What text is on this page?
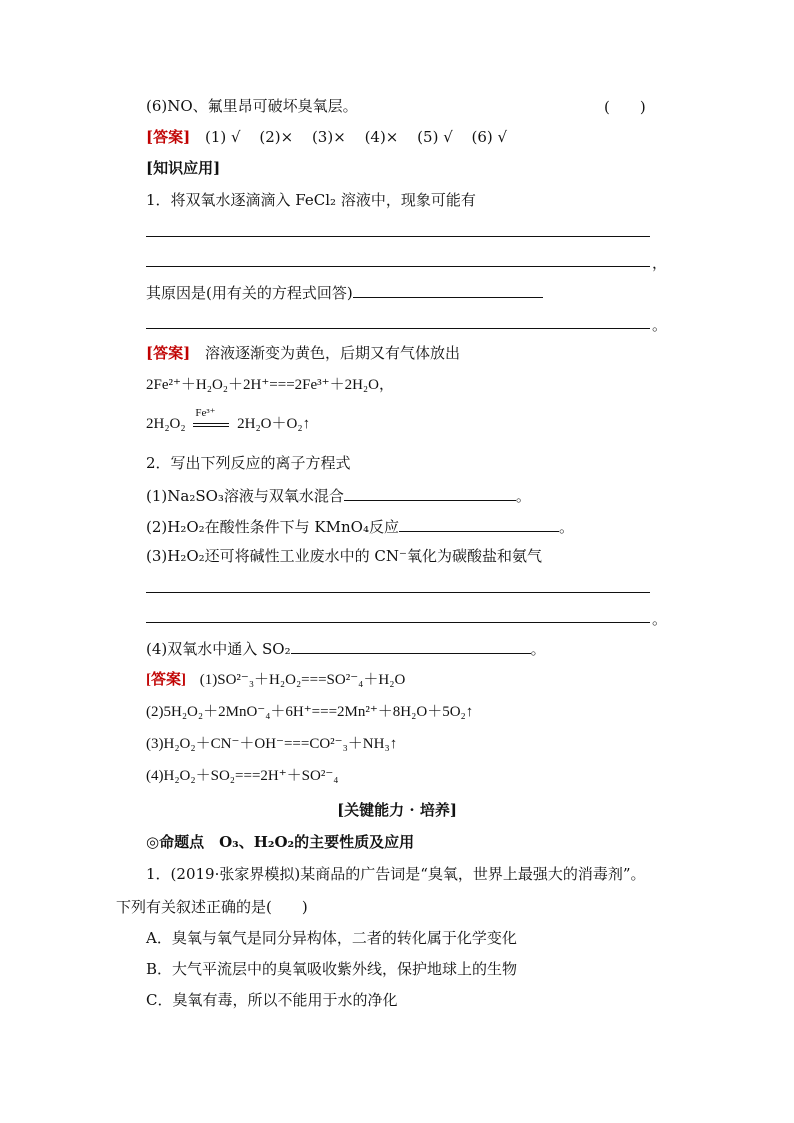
(6)NO、氟里昂可破坏臭氧层。	(　　)
[答案] (1) √ (2)× (3)× (4)× (5) √ (6) √
[知识应用]
1．将双氧水逐滴滴入 FeCl₂ 溶液中，现象可能有
，
其原因是(用有关的方程式回答)
。
[答案] 溶液逐渐变为黄色，后期又有气体放出
2Fe²⁺＋H₂O₂＋2H⁺===2Fe³⁺＋2H₂O，
2H₂O₂
Fe³⁺
2H₂O＋O₂↑
2．写出下列反应的离子方程式
(1)Na₂SO₃溶液与双氧水混合	。
(2)H₂O₂在酸性条件下与 KMnO₄反应	。
(3)H₂O₂还可将碱性工业废水中的 CN⁻氧化为碳酸盐和氨气
。
(4)双氧水中通入 SO₂	。
[答案] (1)SO²⁻₃＋H₂O₂===SO²⁻₄＋H₂O
(2)5H₂O₂＋2MnO⁻₄＋6H⁺===2Mn²⁺＋8H₂O＋5O₂↑
(3)H₂O₂＋CN⁻＋OH⁻===CO²⁻₃＋NH₃↑
(4)H₂O₂＋SO₂===2H⁺＋SO²⁻₄
[关键能力 · 培养]
◎命题点　O₃、H₂O₂的主要性质及应用
1．(2019·张家界模拟)某商品的广告词是“臭氧，世界上最强大的消毒剂”。
下列有关叙述正确的是(　　)
A．臭氧与氧气是同分异构体，二者的转化属于化学变化
B．大气平流层中的臭氧吸收紫外线，保护地球上的生物
C．臭氧有毒，所以不能用于水的净化
